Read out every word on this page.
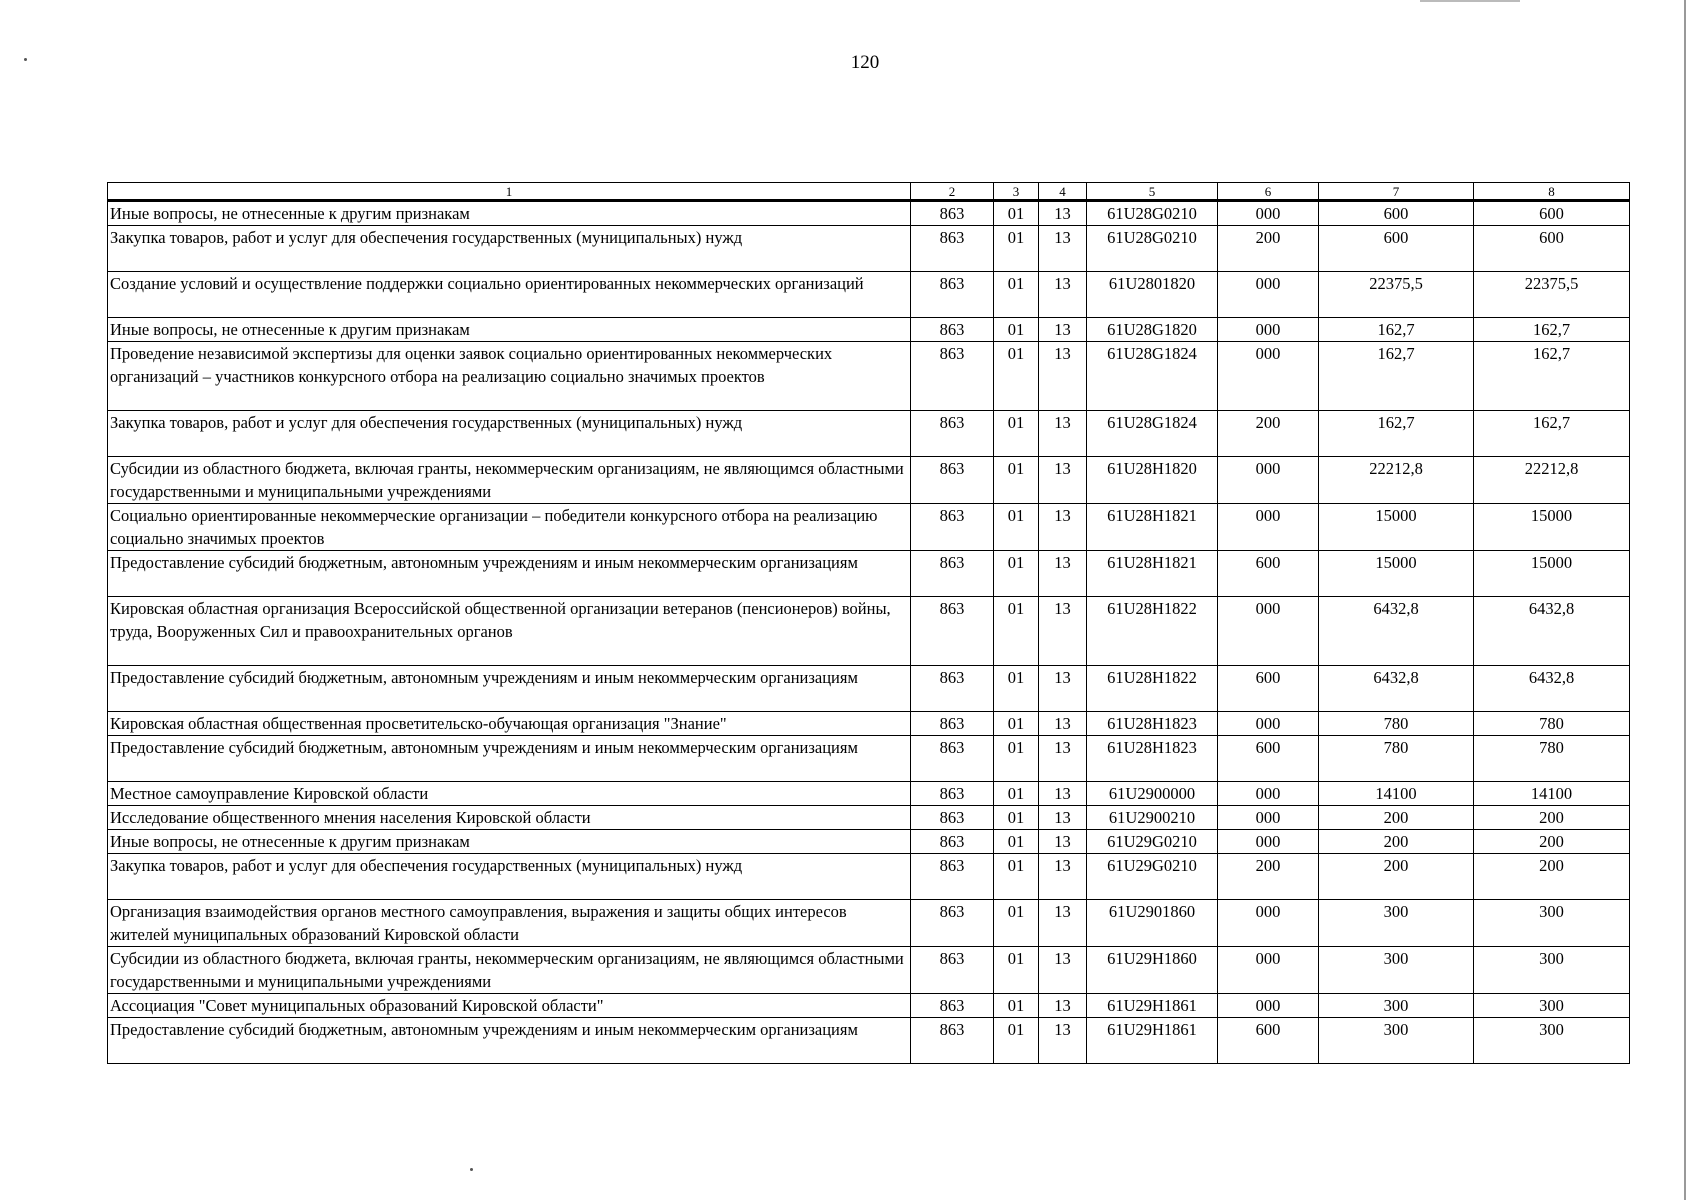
120
1	2	3	4	5	6	7	8
Иные вопросы, не отнесенные к другим признакам	863	01	13	61U28G0210	000	600	600
Закупка товаров, работ и услуг для обеспечения государственных (муниципальных) нужд	863	01	13	61U28G0210	200	600	600
Создание условий и осуществление поддержки социально ориентированных некоммерческих организаций	863	01	13	61U2801820	000	22375,5	22375,5
Иные вопросы, не отнесенные к другим признакам	863	01	13	61U28G1820	000	162,7	162,7
Проведение независимой экспертизы для оценки заявок социально ориентированных некоммерческих организаций – участников конкурсного отбора на реализацию социально значимых проектов	863	01	13	61U28G1824	000	162,7	162,7
Закупка товаров, работ и услуг для обеспечения государственных (муниципальных) нужд	863	01	13	61U28G1824	200	162,7	162,7
Субсидии из областного бюджета, включая гранты, некоммерческим организациям, не являющимся областными государственными и муниципальными учреждениями	863	01	13	61U28H1820	000	22212,8	22212,8
Социально ориентированные некоммерческие организации – победители конкурсного отбора на реализацию социально значимых проектов	863	01	13	61U28H1821	000	15000	15000
Предоставление субсидий бюджетным, автономным учреждениям и иным некоммерческим организациям	863	01	13	61U28H1821	600	15000	15000
Кировская областная организация Всероссийской общественной организации ветеранов (пенсионеров) войны, труда, Вооруженных Сил и правоохранительных органов	863	01	13	61U28H1822	000	6432,8	6432,8
Предоставление субсидий бюджетным, автономным учреждениям и иным некоммерческим организациям	863	01	13	61U28H1822	600	6432,8	6432,8
Кировская областная общественная просветительско-обучающая организация "Знание"	863	01	13	61U28H1823	000	780	780
Предоставление субсидий бюджетным, автономным учреждениям и иным некоммерческим организациям	863	01	13	61U28H1823	600	780	780
Местное самоуправление Кировской области	863	01	13	61U2900000	000	14100	14100
Исследование общественного мнения населения Кировской области	863	01	13	61U2900210	000	200	200
Иные вопросы, не отнесенные к другим признакам	863	01	13	61U29G0210	000	200	200
Закупка товаров, работ и услуг для обеспечения государственных (муниципальных) нужд	863	01	13	61U29G0210	200	200	200
Организация взаимодействия органов местного самоуправления, выражения и защиты общих интересов жителей муниципальных образований Кировской области	863	01	13	61U2901860	000	300	300
Субсидии из областного бюджета, включая гранты, некоммерческим организациям, не являющимся областными государственными и муниципальными учреждениями	863	01	13	61U29H1860	000	300	300
Ассоциация "Совет муниципальных образований Кировской области"	863	01	13	61U29H1861	000	300	300
Предоставление субсидий бюджетным, автономным учреждениям и иным некоммерческим организациям	863	01	13	61U29H1861	600	300	300
